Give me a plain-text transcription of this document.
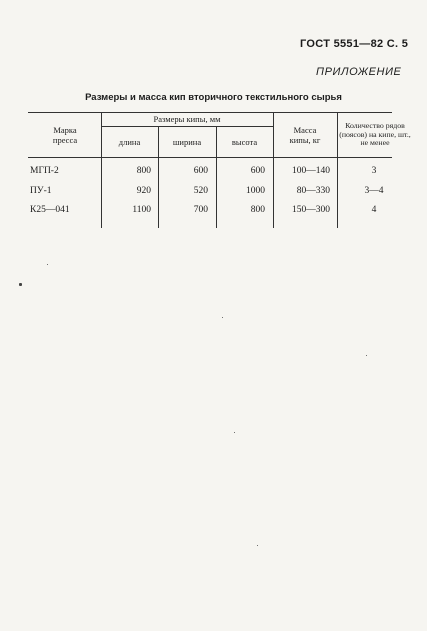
ГОСТ 5551—82 С. 5
ПРИЛОЖЕНИЕ
Размеры и масса кип вторичного текстильного сырья
Марка пресса
Размеры кипы, мм
длина	ширина	высота
Масса кипы, кг
Количество рядов (поясов) на кипе, шт., не менее
МГП-2	800	600	600	100—140	3
ПУ-1	920	520	1000	80—330	3—4
К25—041	1100	700	800	150—300	4
